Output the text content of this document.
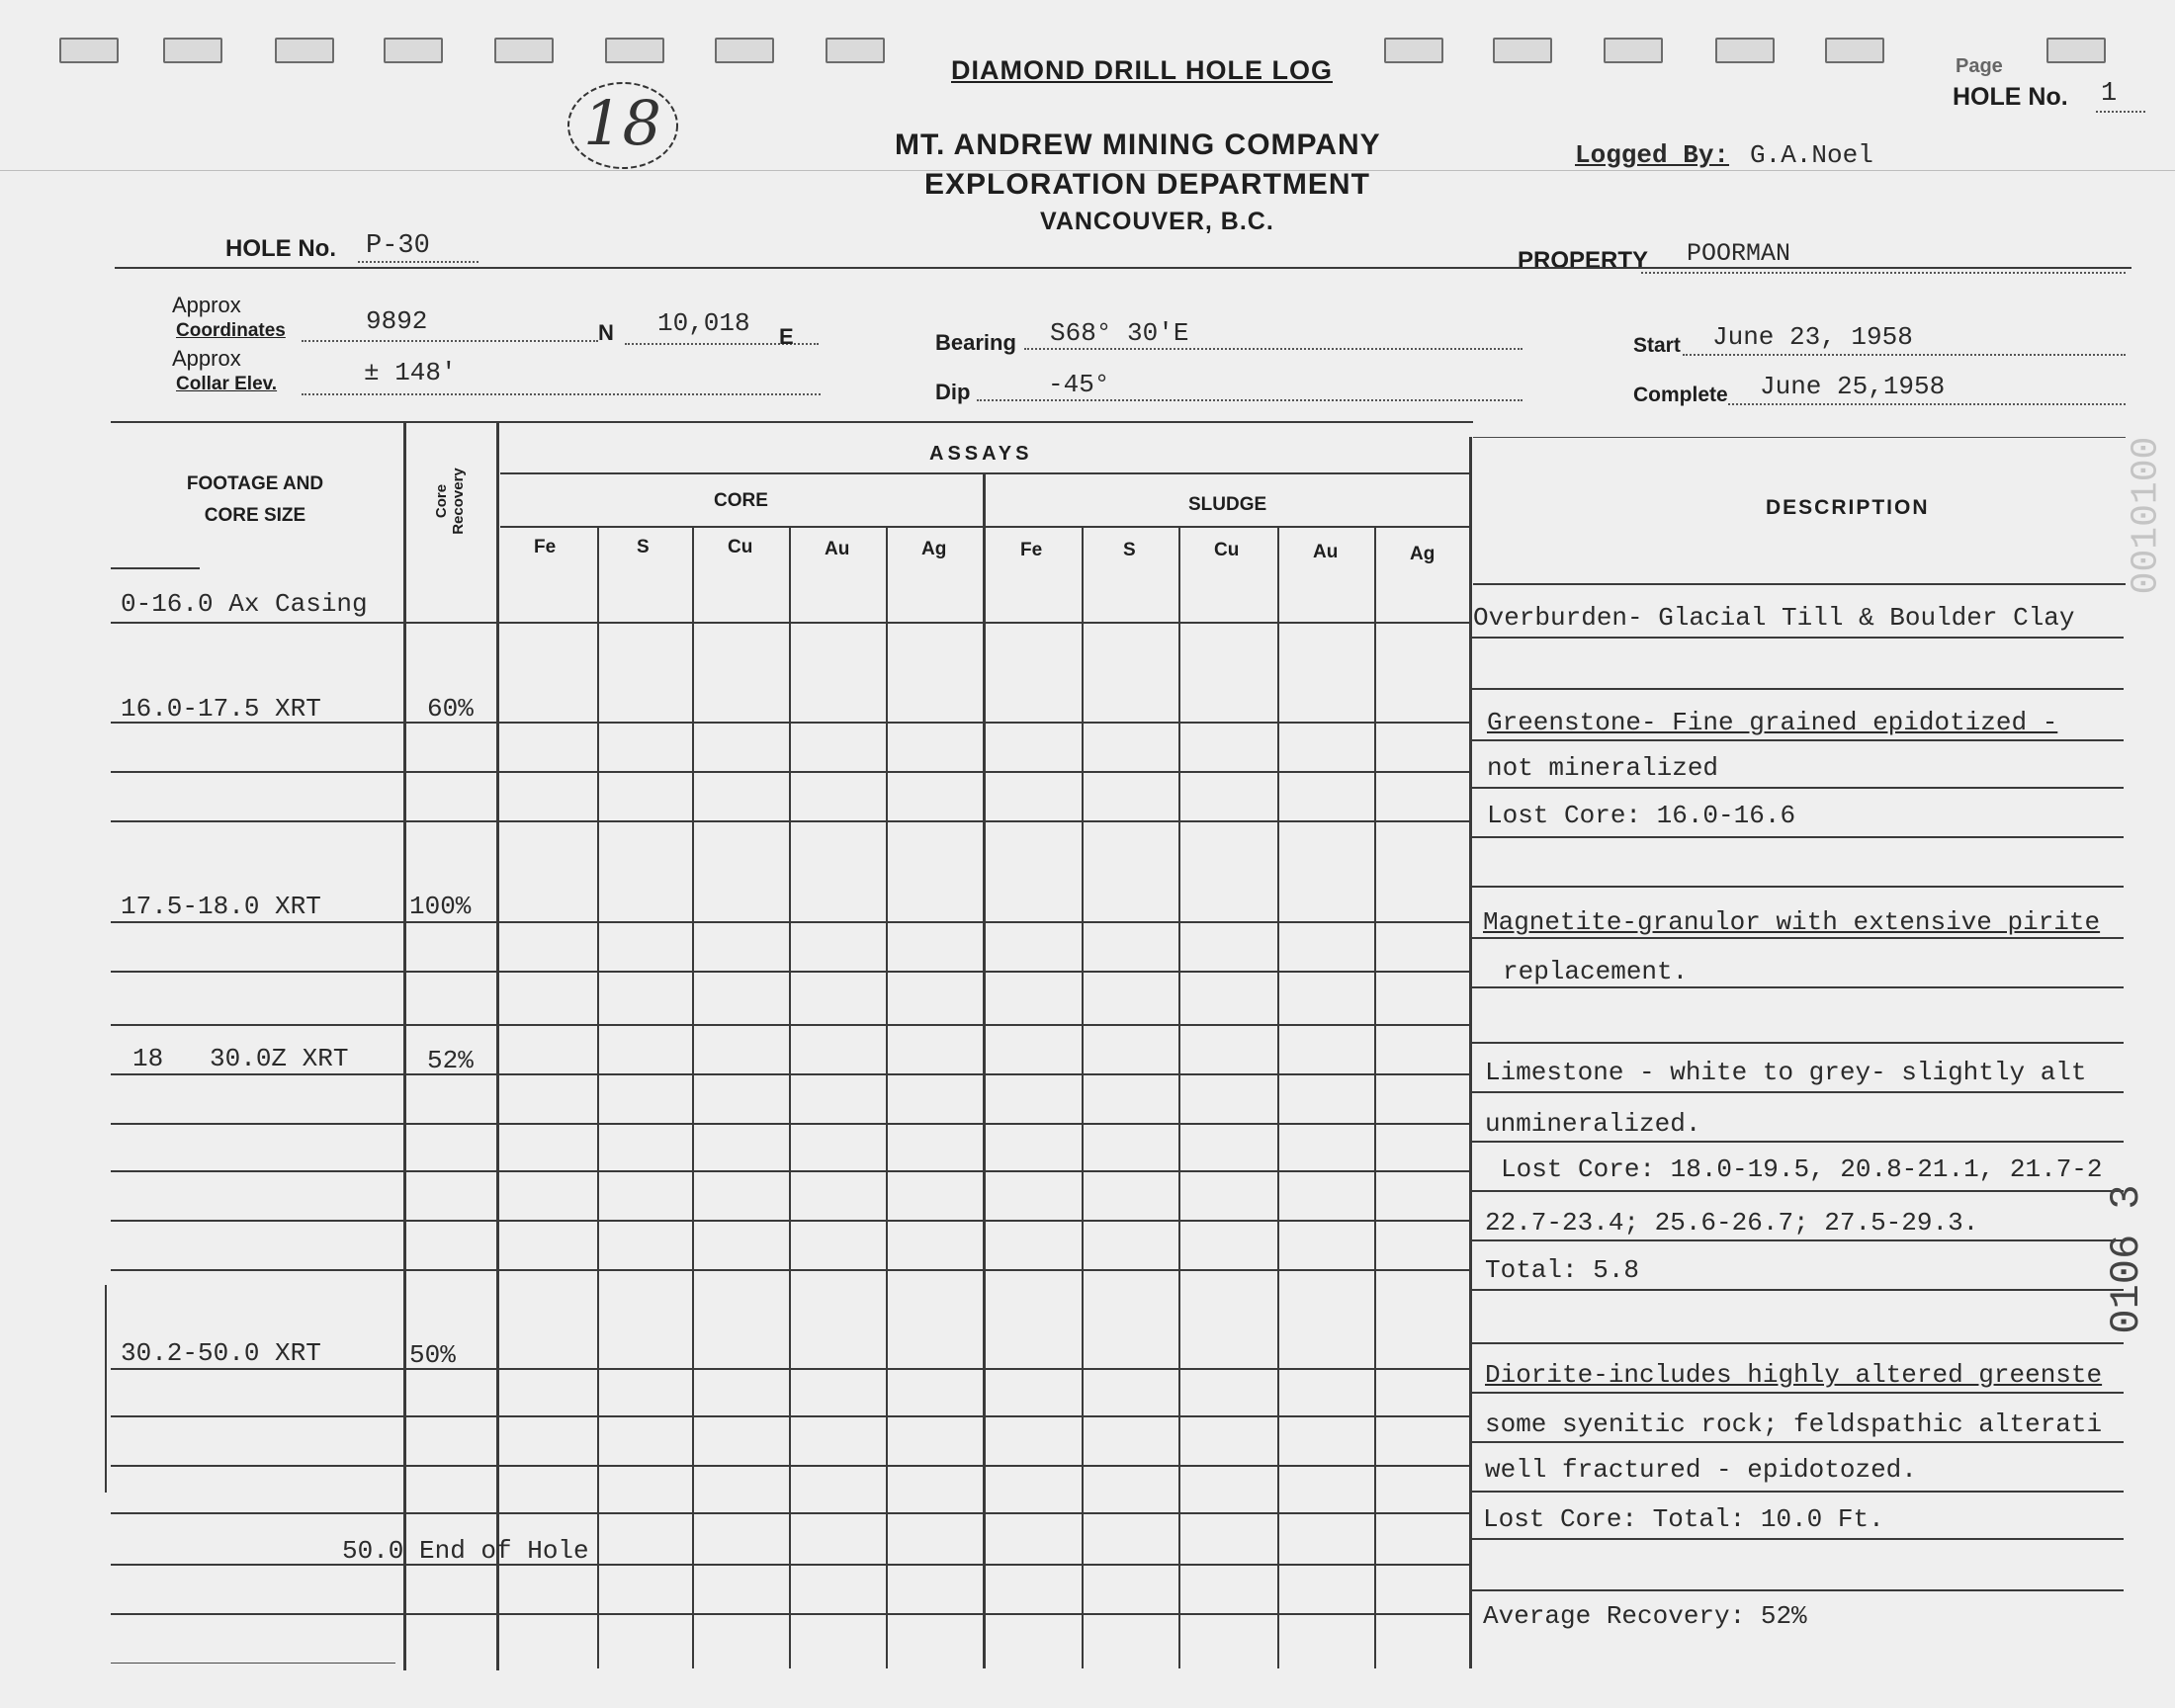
DIAMOND DRILL HOLE LOG	Page
HOLE No. 1
18	MT. ANDREW MINING COMPANY
EXPLORATION DEPARTMENT
VANCOUVER, B.C.
Logged By: G.A.Noel
HOLE No. P-30	PROPERTY POORMAN
Approx
Coordinates	9892	N 10,018 E
Approx
Collar Elev.	± 148'
Bearing S68° 30'E
Dip	-45°
Start June 23, 1958
Complete June 25,1958
FOOTAGE AND CORE SIZE	Core Recovery
ASSAYS
CORE	SLUDGE	DESCRIPTION
Fe	S	Cu	Au	Ag	Fe	S	Cu	Au	Ag
0-16.0 Ax Casing
16.0-17.5 XRT	60%
17.5-18.0 XRT	100%
18   30.0Z XRT	52%
30.2-50.0 XRT	50%
50.0 End of Hole
Overburden- Glacial Till & Boulder Clay
Greenstone- Fine grained epidotized -
not mineralized
Lost Core: 16.0-16.6
Magnetite-granulor with extensive pirite
replacement.
Limestone - white to grey- slightly alt
unmineralized.
Lost Core: 18.0-19.5, 20.8-21.1, 21.7-2
22.7-23.4; 25.6-26.7; 27.5-29.3.
Total: 5.8
Diorite-includes highly altered greenste
some syenitic rock; feldspathic alterati
well fractured - epidotozed.
Lost Core: Total: 10.0 Ft.
Average Recovery: 52%
0010100
0106 3
